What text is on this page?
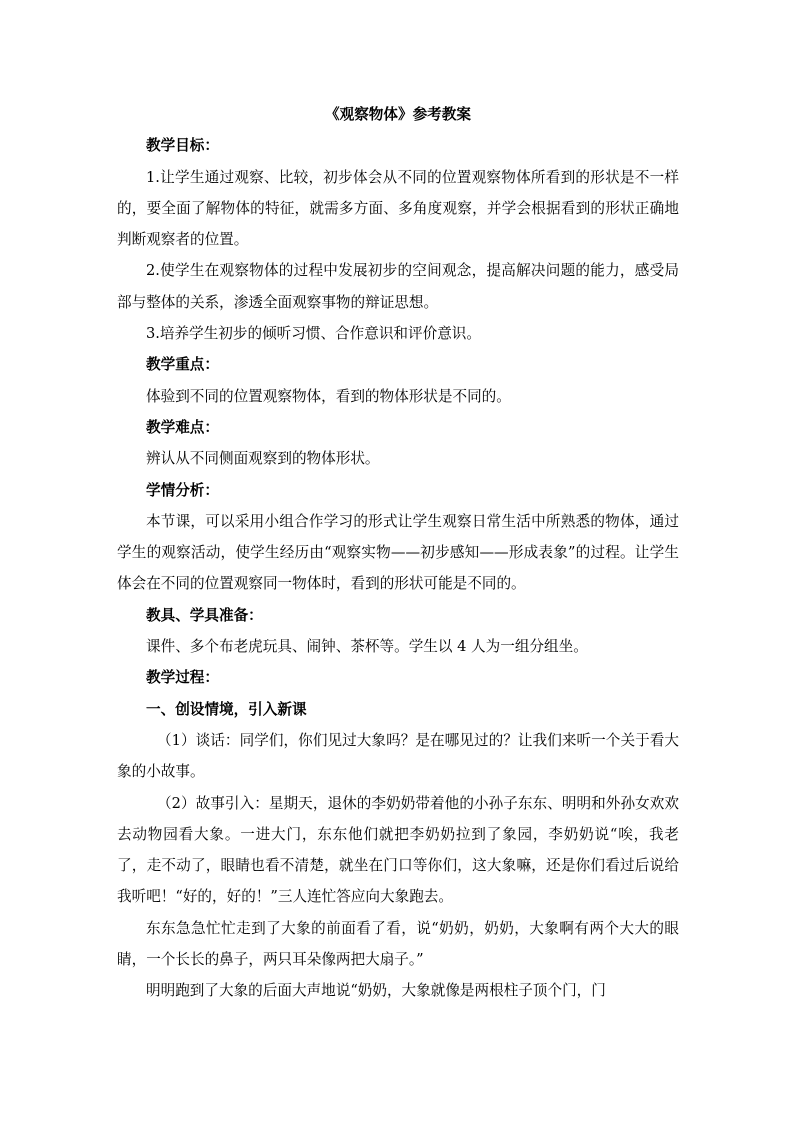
《观察物体》参考教案

教学目标：

1.让学生通过观察、比较，初步体会从不同的位置观察物体所看到的形状是不一样的，要全面了解物体的特征，就需多方面、多角度观察，并学会根据看到的形状正确地判断观察者的位置。

2.使学生在观察物体的过程中发展初步的空间观念，提高解决问题的能力，感受局部与整体的关系，渗透全面观察事物的辩证思想。

3.培养学生初步的倾听习惯、合作意识和评价意识。

教学重点：

体验到不同的位置观察物体，看到的物体形状是不同的。

教学难点：

辨认从不同侧面观察到的物体形状。

学情分析：

本节课，可以采用小组合作学习的形式让学生观察日常生活中所熟悉的物体，通过学生的观察活动，使学生经历由“观察实物——初步感知——形成表象”的过程。让学生体会在不同的位置观察同一物体时，看到的形状可能是不同的。

教具、学具准备：

课件、多个布老虎玩具、闹钟、茶杯等。学生以 4 人为一组分组坐。

教学过程：

一、创设情境，引入新课

（1）谈话：同学们，你们见过大象吗？是在哪见过的？让我们来听一个关于看大象的小故事。

（2）故事引入：星期天，退休的李奶奶带着他的小孙子东东、明明和外孙女欢欢去动物园看大象。一进大门，东东他们就把李奶奶拉到了象园，李奶奶说“唉，我老了，走不动了，眼睛也看不清楚，就坐在门口等你们，这大象嘛，还是你们看过后说给我听吧！“好的，好的！”三人连忙答应向大象跑去。

东东急急忙忙走到了大象的前面看了看，说“奶奶，奶奶，大象啊有两个大大的眼睛，一个长长的鼻子，两只耳朵像两把大扇子。”

明明跑到了大象的后面大声地说“奶奶，大象就像是两根柱子顶个门，门
